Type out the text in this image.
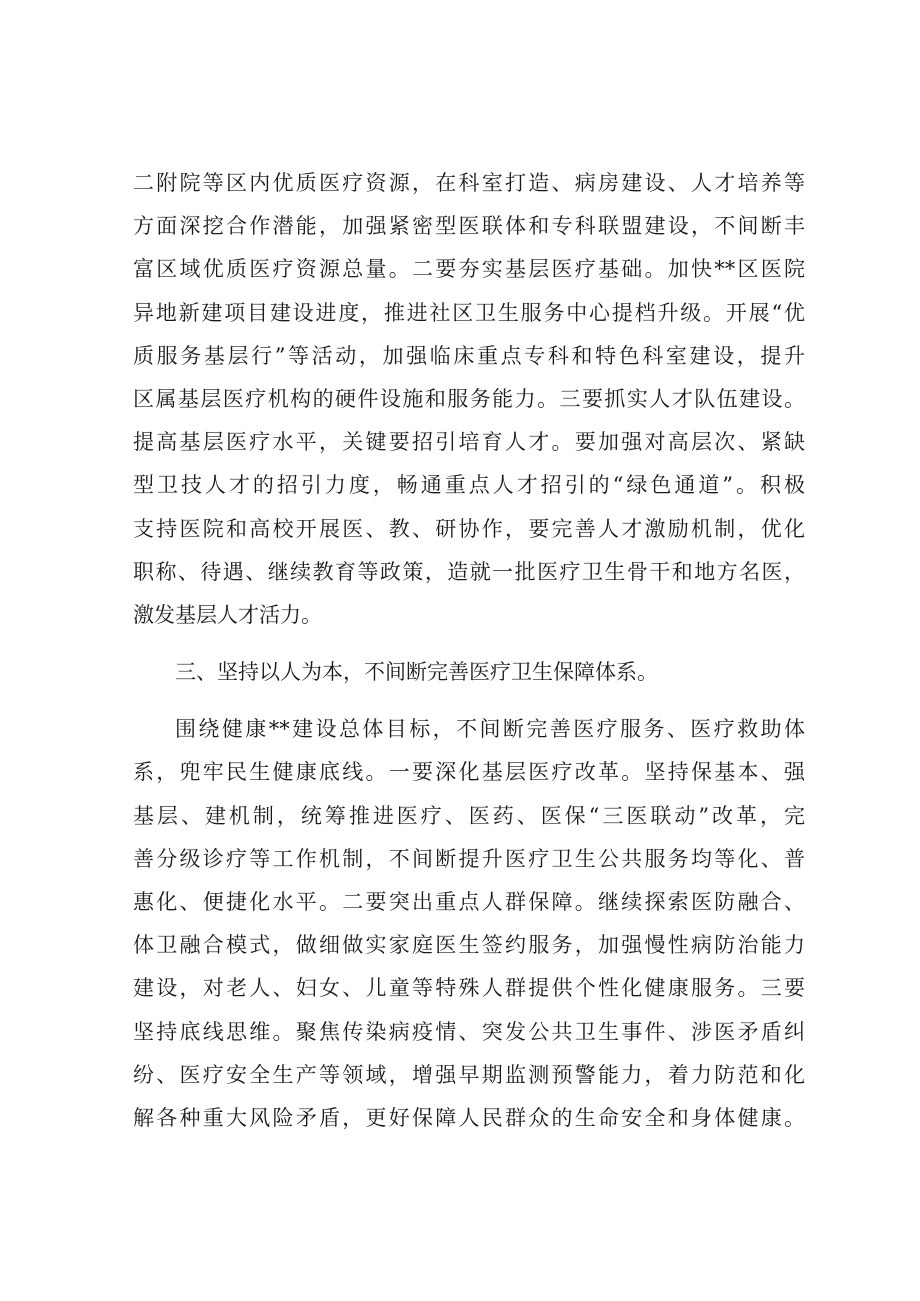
二附院等区内优质医疗资源，在科室打造、病房建设、人才培养等
方面深挖合作潜能，加强紧密型医联体和专科联盟建设，不间断丰
富区域优质医疗资源总量。二要夯实基层医疗基础。加快**区医院
异地新建项目建设进度，推进社区卫生服务中心提档升级。开展“优
质服务基层行”等活动，加强临床重点专科和特色科室建设，提升
区属基层医疗机构的硬件设施和服务能力。三要抓实人才队伍建设。
提高基层医疗水平，关键要招引培育人才。要加强对高层次、紧缺
型卫技人才的招引力度，畅通重点人才招引的“绿色通道”。积极
支持医院和高校开展医、教、研协作，要完善人才激励机制，优化
职称、待遇、继续教育等政策，造就一批医疗卫生骨干和地方名医，
激发基层人才活力。
三、坚持以人为本，不间断完善医疗卫生保障体系。
围绕健康**建设总体目标，不间断完善医疗服务、医疗救助体
系，兜牢民生健康底线。一要深化基层医疗改革。坚持保基本、强
基层、建机制，统筹推进医疗、医药、医保“三医联动”改革，完
善分级诊疗等工作机制，不间断提升医疗卫生公共服务均等化、普
惠化、便捷化水平。二要突出重点人群保障。继续探索医防融合、
体卫融合模式，做细做实家庭医生签约服务，加强慢性病防治能力
建设，对老人、妇女、儿童等特殊人群提供个性化健康服务。三要
坚持底线思维。聚焦传染病疫情、突发公共卫生事件、涉医矛盾纠
纷、医疗安全生产等领域，增强早期监测预警能力，着力防范和化
解各种重大风险矛盾，更好保障人民群众的生命安全和身体健康。
